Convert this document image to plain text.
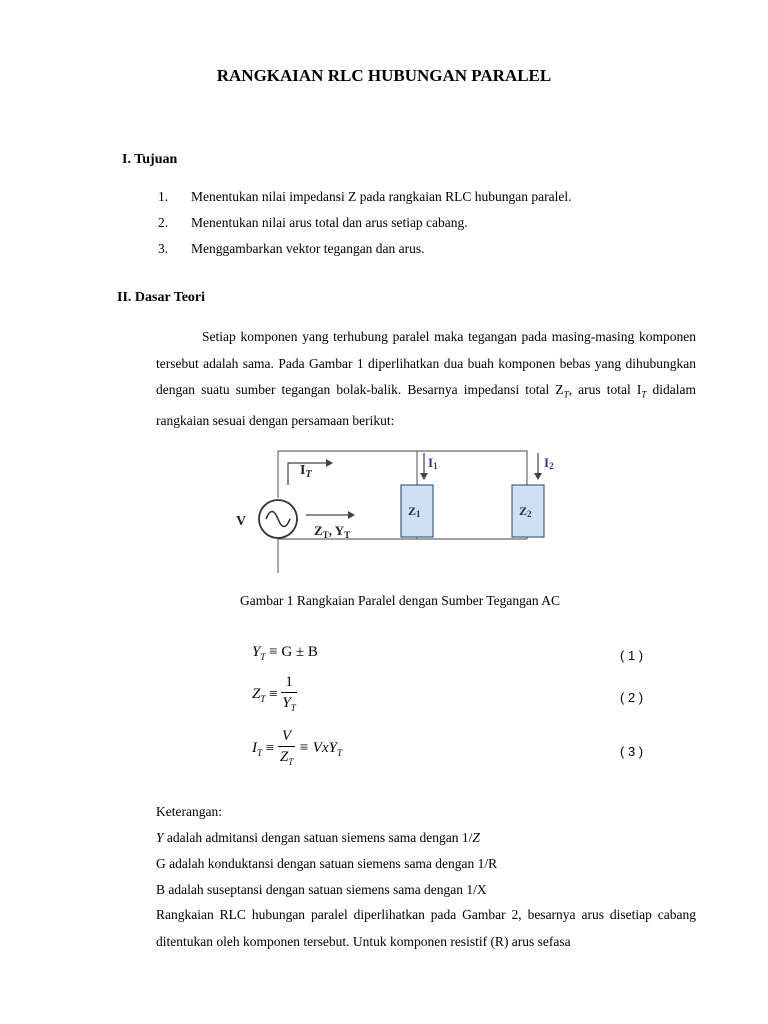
RANGKAIAN RLC HUBUNGAN PARALEL
I. Tujuan
1. Menentukan nilai impedansi Z pada rangkaian RLC hubungan paralel.
2. Menentukan nilai arus total dan arus setiap cabang.
3. Menggambarkan vektor tegangan dan arus.
II. Dasar Teori
Setiap komponen yang terhubung paralel maka tegangan pada masing-masing komponen tersebut adalah sama. Pada Gambar 1 diperlihatkan dua buah komponen bebas yang dihubungkan dengan suatu sumber tegangan bolak-balik. Besarnya impedansi total $Z_T$, arus total $I_T$ didalam rangkaian sesuai dengan persamaan berikut:
V
$I_T$
$Z_T$, $Y_T$
I1	I2
Z1	Z2
Gambar 1 Rangkaian Paralel dengan Sumber Tegangan AC
$Y_T \equiv G \pm B$	( 1 )
$Z_T \equiv \frac{1}{Y_T}$	( 2 )
$I_T \equiv \frac{V}{Z_T} \equiv VxY_T$	( 3 )
Keterangan:
Y adalah admitansi dengan satuan siemens sama dengan 1/Z
G adalah konduktansi dengan satuan siemens sama dengan 1/R
B adalah suseptansi dengan satuan siemens sama dengan 1/X
Rangkaian RLC hubungan paralel diperlihatkan pada Gambar 2, besarnya arus disetiap cabang ditentukan oleh komponen tersebut. Untuk komponen resistif (R) arus sefasa
